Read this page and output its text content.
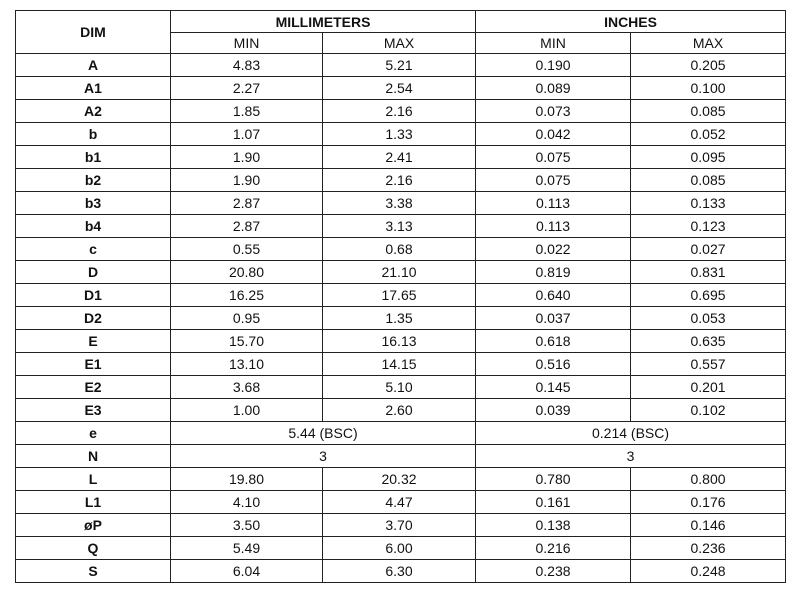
DIM	MILLIMETERS		INCHES	
	MIN	MAX	MIN	MAX
A	4.83	5.21	0.190	0.205
A1	2.27	2.54	0.089	0.100
A2	1.85	2.16	0.073	0.085
b	1.07	1.33	0.042	0.052
b1	1.90	2.41	0.075	0.095
b2	1.90	2.16	0.075	0.085
b3	2.87	3.38	0.113	0.133
b4	2.87	3.13	0.113	0.123
c	0.55	0.68	0.022	0.027
D	20.80	21.10	0.819	0.831
D1	16.25	17.65	0.640	0.695
D2	0.95	1.35	0.037	0.053
E	15.70	16.13	0.618	0.635
E1	13.10	14.15	0.516	0.557
E2	3.68	5.10	0.145	0.201
E3	1.00	2.60	0.039	0.102
e	5.44 (BSC)		0.214 (BSC)	
N	3		3	
L	19.80	20.32	0.780	0.800
L1	4.10	4.47	0.161	0.176
øP	3.50	3.70	0.138	0.146
Q	5.49	6.00	0.216	0.236
S	6.04	6.30	0.238	0.248
